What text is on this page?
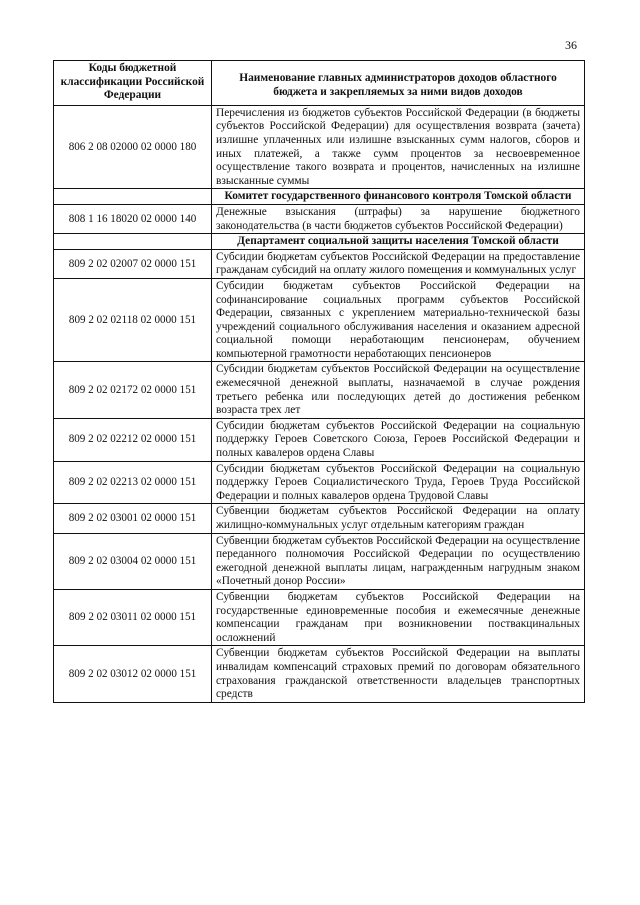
36
Коды бюджетной классификации Российской Федерации	Наименование главных администраторов доходов областного бюджета и закрепляемых за ними видов доходов
806 2 08 02000 02 0000 180	Перечисления из бюджетов субъектов Российской Федерации (в бюджеты субъектов Российской Федерации) для осуществления возврата (зачета) излишне уплаченных или излишне взысканных сумм налогов, сборов и иных платежей, а также сумм процентов за несвоевременное осуществление такого возврата и процентов, начисленных на излишне взысканные суммы
	Комитет государственного финансового контроля Томской области
808 1 16 18020 02 0000 140	Денежные взыскания (штрафы) за нарушение бюджетного законодательства (в части бюджетов субъектов Российской Федерации)
	Департамент социальной защиты населения Томской области
809 2 02 02007 02 0000 151	Субсидии бюджетам субъектов Российской Федерации на предоставление гражданам субсидий на оплату жилого помещения и коммунальных услуг
809 2 02 02118 02 0000 151	Субсидии бюджетам субъектов Российской Федерации на софинансирование социальных программ субъектов Российской Федерации, связанных с укреплением материально-технической базы учреждений социального обслуживания населения и оказанием адресной социальной помощи неработающим пенсионерам, обучением компьютерной грамотности неработающих пенсионеров
809 2 02 02172 02 0000 151	Субсидии бюджетам субъектов Российской Федерации на осуществление ежемесячной денежной выплаты, назначаемой в случае рождения третьего ребенка или последующих детей до достижения ребенком возраста трех лет
809 2 02 02212 02 0000 151	Субсидии бюджетам субъектов Российской Федерации на социальную поддержку Героев Советского Союза, Героев Российской Федерации и полных кавалеров ордена Славы
809 2 02 02213 02 0000 151	Субсидии бюджетам субъектов Российской Федерации на социальную поддержку Героев Социалистического Труда, Героев Труда Российской Федерации и полных кавалеров ордена Трудовой Славы
809 2 02 03001 02 0000 151	Субвенции бюджетам субъектов Российской Федерации на оплату жилищно-коммунальных услуг отдельным категориям граждан
809 2 02 03004 02 0000 151	Субвенции бюджетам субъектов Российской Федерации на осуществление переданного полномочия Российской Федерации по осуществлению ежегодной денежной выплаты лицам, награжденным нагрудным знаком «Почетный донор России»
809 2 02 03011 02 0000 151	Субвенции бюджетам субъектов Российской Федерации на государственные единовременные пособия и ежемесячные денежные компенсации гражданам при возникновении поствакцинальных осложнений
809 2 02 03012 02 0000 151	Субвенции бюджетам субъектов Российской Федерации на выплаты инвалидам компенсаций страховых премий по договорам обязательного страхования гражданской ответственности владельцев транспортных средств
